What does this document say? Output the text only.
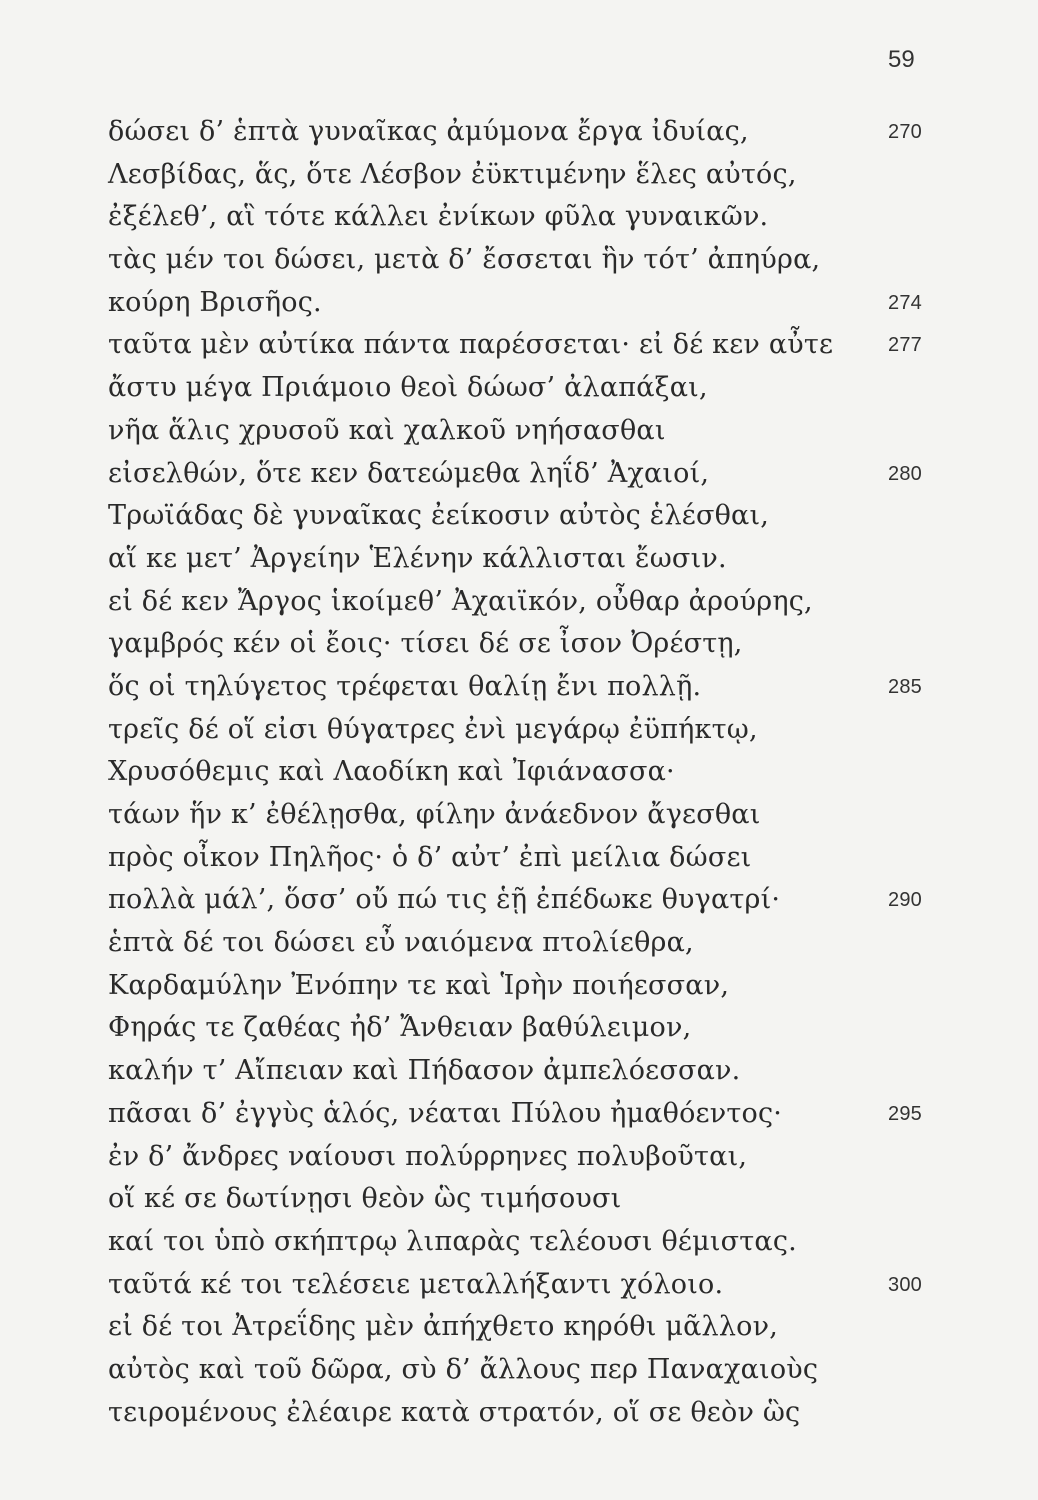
59
δώσει δ’ ἑπτὰ γυναῖκας ἀμύμονα ἔργα ἰδυίας,	270
Λεσβίδας, ἅς, ὅτε Λέσβον ἐϋκτιμένην ἕλες αὐτός,
ἐξέλεθ’, αἳ τότε κάλλει ἐνίκων φῦλα γυναικῶν.
τὰς μέν τοι δώσει, μετὰ δ’ ἔσσεται ἣν τότ’ ἀπηύρα,
κούρη Βρισῆος.	274
ταῦτα μὲν αὐτίκα πάντα παρέσσεται· εἰ δέ κεν αὖτε	277
ἄστυ μέγα Πριάμοιο θεοὶ δώωσ’ ἀλαπάξαι,
νῆα ἅλις χρυσοῦ καὶ χαλκοῦ νηήσασθαι
εἰσελθών, ὅτε κεν δατεώμεθα ληΐδ’ Ἀχαιοί,	280
Τρωϊάδας δὲ γυναῖκας ἐείκοσιν αὐτὸς ἑλέσθαι,
αἵ κε μετ’ Ἀργείην Ἑλένην κάλλισται ἔωσιν.
εἰ δέ κεν Ἄργος ἱκοίμεθ’ Ἀχαιϊκόν, οὖθαρ ἀρούρης,
γαμβρός κέν οἱ ἔοις· τίσει δέ σε ἶσον Ὀρέστῃ,
ὅς οἱ τηλύγετος τρέφεται θαλίῃ ἔνι πολλῇ.	285
τρεῖς δέ οἵ εἰσι θύγατρες ἐνὶ μεγάρῳ ἐϋπήκτῳ,
Χρυσόθεμις καὶ Λαοδίκη καὶ Ἰφιάνασσα·
τάων ἥν κ’ ἐθέλῃσθα, φίλην ἀνάεδνον ἄγεσθαι
πρὸς οἶκον Πηλῆος· ὁ δ’ αὐτ’ ἐπὶ μείλια δώσει
πολλὰ μάλ’, ὅσσ’ οὔ πώ τις ἑῇ ἐπέδωκε θυγατρί·	290
ἑπτὰ δέ τοι δώσει εὖ ναιόμενα πτολίεθρα,
Καρδαμύλην Ἐνόπην τε καὶ Ἱρὴν ποιήεσσαν,
Φηράς τε ζαθέας ἠδ’ Ἄνθειαν βαθύλειμον,
καλήν τ’ Αἴπειαν καὶ Πήδασον ἀμπελόεσσαν.
πᾶσαι δ’ ἐγγὺς ἁλός, νέαται Πύλου ἠμαθόεντος·	295
ἐν δ’ ἄνδρες ναίουσι πολύρρηνες πολυβοῦται,
οἵ κέ σε δωτίνῃσι θεὸν ὣς τιμήσουσι
καί τοι ὑπὸ σκήπτρῳ λιπαρὰς τελέουσι θέμιστας.
ταῦτά κέ τοι τελέσειε μεταλλήξαντι χόλοιο.	300
εἰ δέ τοι Ἀτρεΐδης μὲν ἀπήχθετο κηρόθι μᾶλλον,
αὐτὸς καὶ τοῦ δῶρα, σὺ δ’ ἄλλους περ Παναχαιοὺς
τειρομένους ἐλέαιρε κατὰ στρατόν, οἵ σε θεὸν ὣς
